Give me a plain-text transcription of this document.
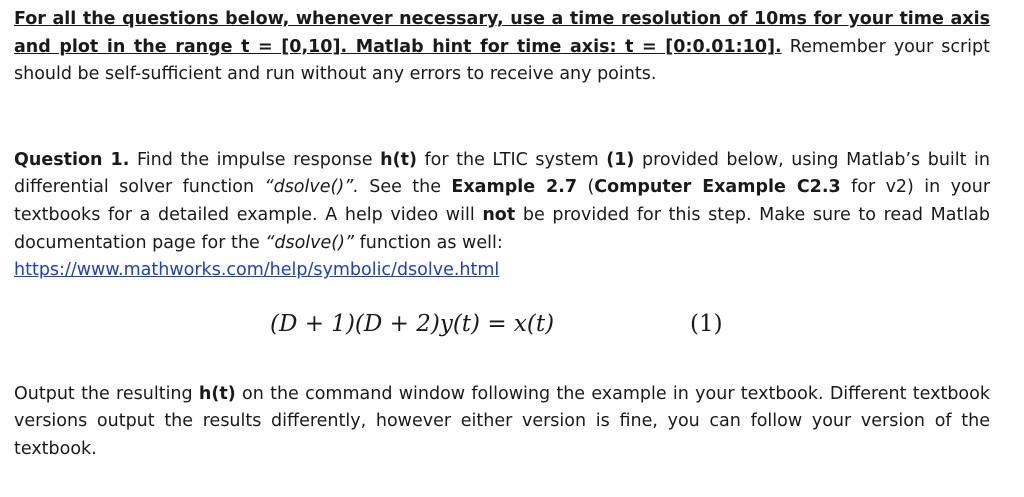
For all the questions below, whenever necessary, use a time resolution of 10ms for your time axis and plot in the range t = [0,10]. Matlab hint for time axis: t = [0:0.01:10]. Remember your script should be self-sufficient and run without any errors to receive any points.

Question 1. Find the impulse response h(t) for the LTIC system (1) provided below, using Matlab’s built in differential solver function “dsolve()”. See the Example 2.7 (Computer Example C2.3 for v2) in your textbooks for a detailed example. A help video will not be provided for this step. Make sure to read Matlab documentation page for the “dsolve()” function as well:
https://www.mathworks.com/help/symbolic/dsolve.html

(D + 1)(D + 2)y(t) = x(t)	(1)

Output the resulting h(t) on the command window following the example in your textbook. Different textbook versions output the results differently, however either version is fine, you can follow your version of the textbook.
